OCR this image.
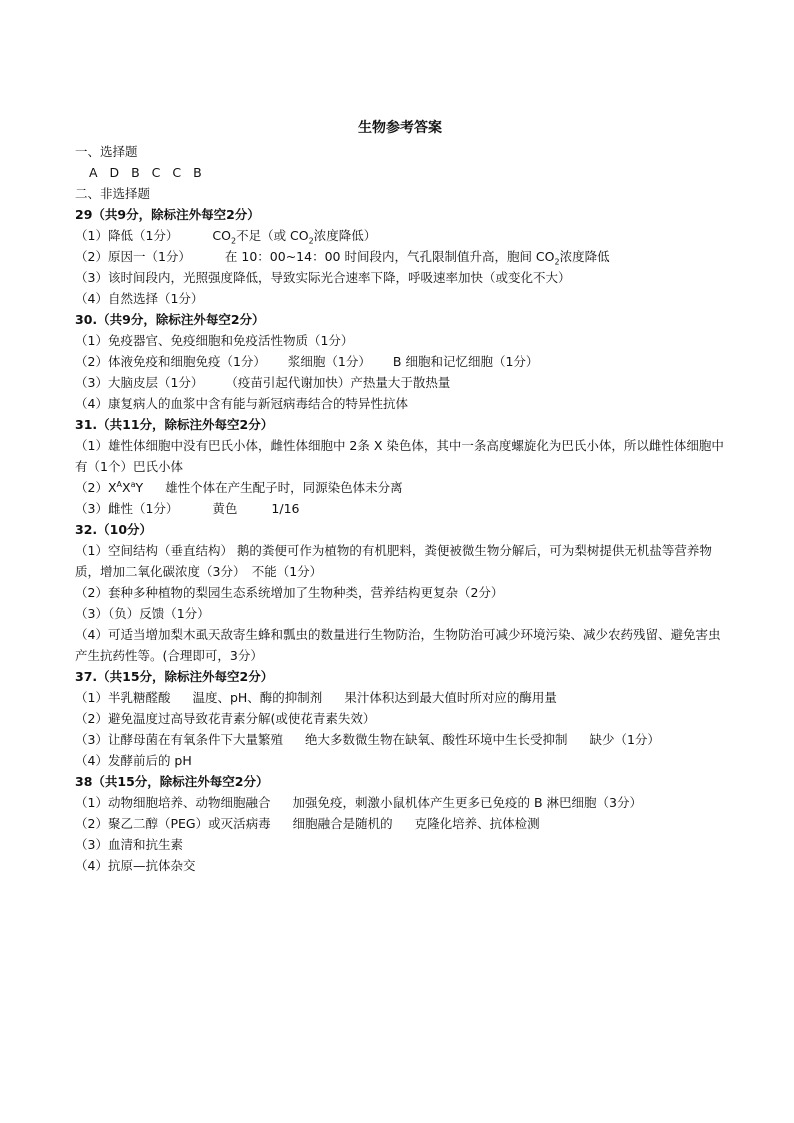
生物参考答案
一、选择题
A D B C C B
二、非选择题
29（共9分，除标注外每空2分）
（1）降低（1分）	$CO_2$不足（或 $CO_2$浓度降低）
（2）原因一（1分）	在 10：00~14：00 时间段内，气孔限制值升高，胞间 $CO_2$浓度降低
（3）该时间段内，光照强度降低，导致实际光合速率下降，呼吸速率加快（或变化不大）
（4）自然选择（1分）
30.（共9分，除标注外每空2分）
（1）免疫器官、免疫细胞和免疫活性物质（1分）
（2）体液免疫和细胞免疫（1分） 浆细胞（1分） B 细胞和记忆细胞（1分）
（3）大脑皮层（1分） （疫苗引起代谢加快）产热量大于散热量
（4）康复病人的血浆中含有能与新冠病毒结合的特异性抗体
31.（共11分，除标注外每空2分）
（1）雄性体细胞中没有巴氏小体，雌性体细胞中 2条 X 染色体，其中一条高度螺旋化为巴氏小体，所以雌性体细胞中有（1个）巴氏小体
$(2)X^AX^aY$ 雄性个体在产生配子时，同源染色体未分离
（3）雌性（1分）	黄色	1/16
32.（10分）
（1）空间结构（垂直结构） 鹅的粪便可作为植物的有机肥料，粪便被微生物分解后，可为梨树提供无机盐等营养物质，增加二氧化碳浓度（3分）　不能（1分）
（2）套种多种植物的梨园生态系统增加了生物种类，营养结构更复杂（2分）
（3）（负）反馈（1分）
（4）可适当增加梨木虱天敌寄生蜂和瓢虫的数量进行生物防治，生物防治可减少环境污染、减少农药残留、避免害虫产生抗药性等。(合理即可，3分）
37.（共15分，除标注外每空2分）
（1）半乳糖醛酸 温度、pH、酶的抑制剂 果汁体积达到最大值时所对应的酶用量
（2）避免温度过高导致花青素分解(或使花青素失效）
（3）让酵母菌在有氧条件下大量繁殖 绝大多数微生物在缺氧、酸性环境中生长受抑制 缺少（1分）
（4）发酵前后的 pH
38（共15分，除标注外每空2分）
（1）动物细胞培养、动物细胞融合 加强免疫，刺激小鼠机体产生更多已免疫的 B 淋巴细胞（3分）
（2）聚乙二醇（PEG）或灭活病毒 细胞融合是随机的 克隆化培养、抗体检测
（3）血清和抗生素
（4）抗原—抗体杂交
